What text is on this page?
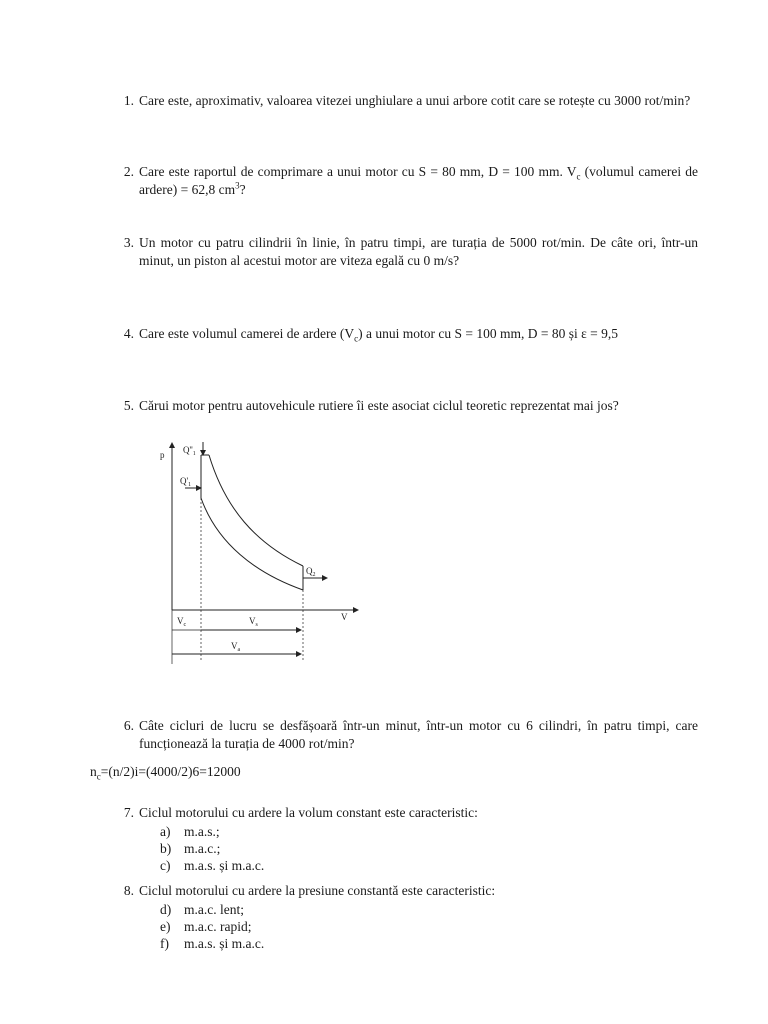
1. Care este, aproximativ, valoarea vitezei unghiulare a unui arbore cotit care se rotește cu 3000 rot/min?
2. Care este raportul de comprimare a unui motor cu S = 80 mm, D = 100 mm. $V_c$ (volumul camerei de ardere) = 62,8 $cm^3$?
3. Un motor cu patru cilindrii în linie, în patru timpi, are turația de 5000 rot/min. De câte ori, într-un minut, un piston al acestui motor are viteza egală cu 0 m/s?
4. Care este volumul camerei de ardere $(V_c)$ a unui motor cu S = 100 mm, D = 80 și ε = 9,5
5. Cărui motor pentru autovehicule rutiere îi este asociat ciclul teoretic reprezentat mai jos?
p
V
$Q''_1$
$Q'_1$
$Q_2$
$V_c$	$V_s$
$V_a$
6. Câte cicluri de lucru se desfășoară într-un minut, într-un motor cu 6 cilindri, în patru timpi, care funcționează la turația de 4000 rot/min?
$n_c=(n/2)i=(4000/2)6=12000$
7. Ciclul motorului cu ardere la volum constant este caracteristic:
a) m.a.s.;
b) m.a.c.;
c) m.a.s. și m.a.c.
8. Ciclul motorului cu ardere la presiune constantă este caracteristic:
d) m.a.c. lent;
e) m.a.c. rapid;
f) m.a.s. și m.a.c.
